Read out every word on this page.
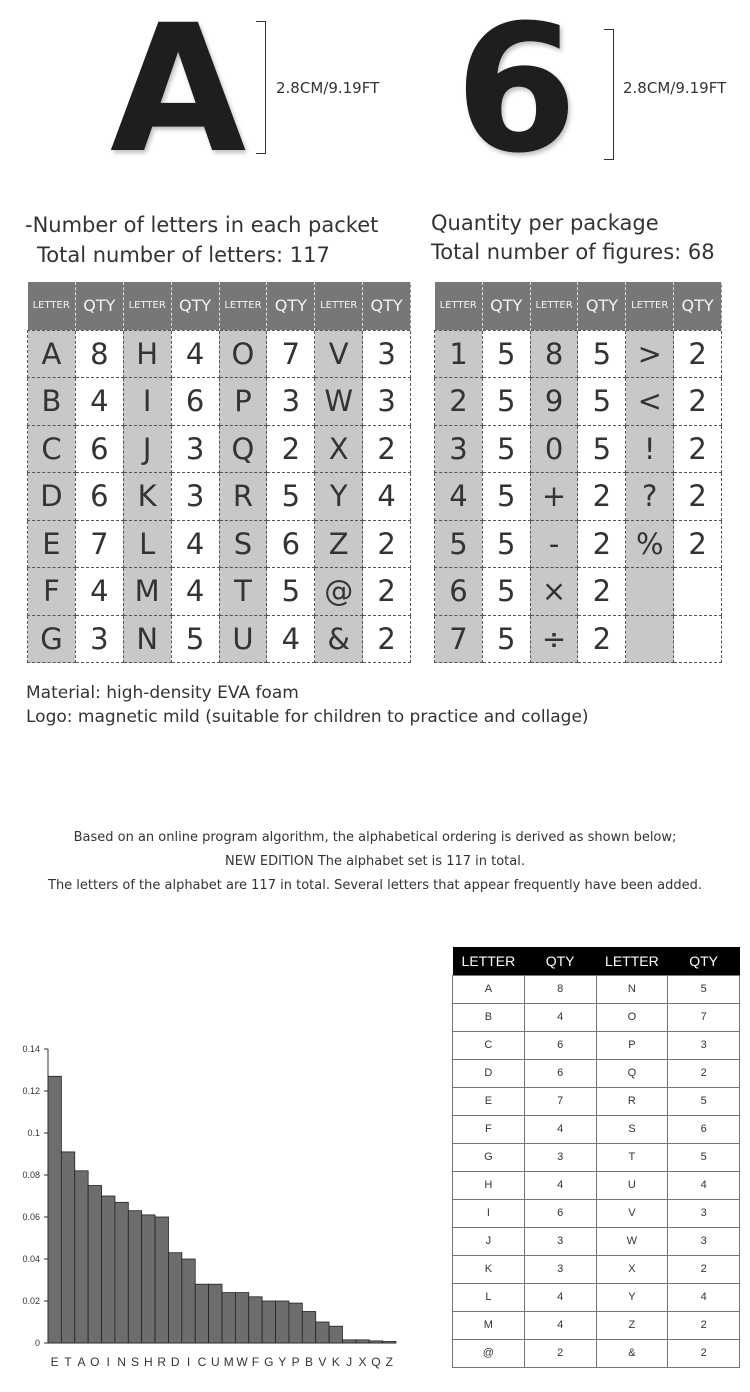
A 2.8CM/9.19FT 6	2.8CM/9.19FT
-Number of letters in each packet
Total number of letters: 117
Quantity per package
Total number of figures: 68
LETTER	QTY	LETTER	QTY	LETTER	QTY	LETTER	QTY
A	8	H	4	O	7	V	3
B	4	I	6	P	3	W	3
C	6	J	3	Q	2	X	2
D	6	K	3	R	5	Y	4
E	7	L	4	S	6	Z	2
F	4	M	4	T	5	@	2
G	3	N	5	U	4	&	2
LETTER	QTY	LETTER	QTY	LETTER	QTY
1	5	8	5	>	2
2	5	9	5	<	2
3	5	0	5	!	2
4	5	+	2	?	2
5	5	-	2	%	2
6	5	×	2		
7	5	÷	2		
Material: high-density EVA foam
Logo: magnetic mild (suitable for children to practice and collage)
Based on an online program algorithm, the alphabetical ordering is derived as shown below;
NEW EDITION The alphabet set is 117 in total.
The letters of the alphabet are 117 in total. Several letters that appear frequently have been added.
0
0.02
0.04
0.06
0.08
0.1
0.12
0.14
E T A O I N S H R D I C U M W F G Y P B V K J X Q Z
LETTER	QTY	LETTER	QTY
A	8	N	5
B	4	O	7
C	6	P	3
D	6	Q	2
E	7	R	5
F	4	S	6
G	3	T	5
H	4	U	4
I	6	V	3
J	3	W	3
K	3	X	2
L	4	Y	4
M	4	Z	2
@	2	&	2
